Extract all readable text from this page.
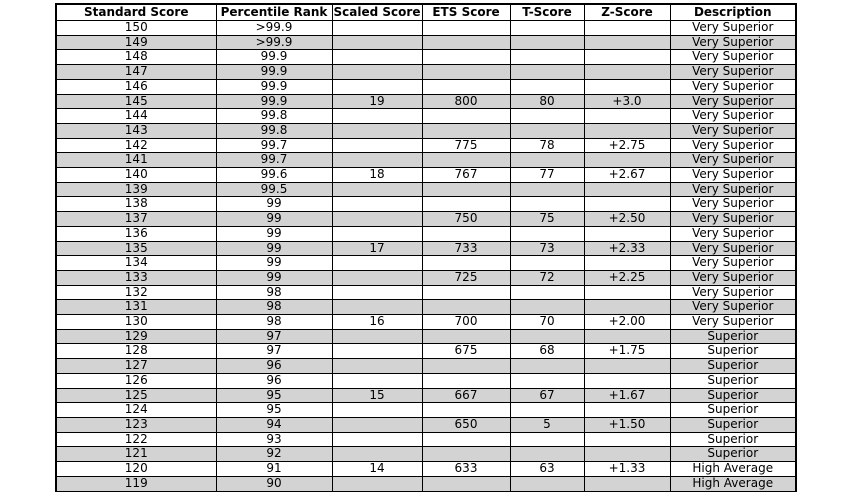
Standard Score	Percentile Rank	Scaled Score	ETS Score	T-Score	Z-Score	Description
150	>99.9					Very Superior
149	>99.9					Very Superior
148	99.9					Very Superior
147	99.9					Very Superior
146	99.9					Very Superior
145	99.9	19	800	80	+3.0	Very Superior
144	99.8					Very Superior
143	99.8					Very Superior
142	99.7		775	78	+2.75	Very Superior
141	99.7					Very Superior
140	99.6	18	767	77	+2.67	Very Superior
139	99.5					Very Superior
138	99					Very Superior
137	99		750	75	+2.50	Very Superior
136	99					Very Superior
135	99	17	733	73	+2.33	Very Superior
134	99					Very Superior
133	99		725	72	+2.25	Very Superior
132	98					Very Superior
131	98					Very Superior
130	98	16	700	70	+2.00	Very Superior
129	97					Superior
128	97		675	68	+1.75	Superior
127	96					Superior
126	96					Superior
125	95	15	667	67	+1.67	Superior
124	95					Superior
123	94		650	5	+1.50	Superior
122	93					Superior
121	92					Superior
120	91	14	633	63	+1.33	High Average
119	90					High Average
